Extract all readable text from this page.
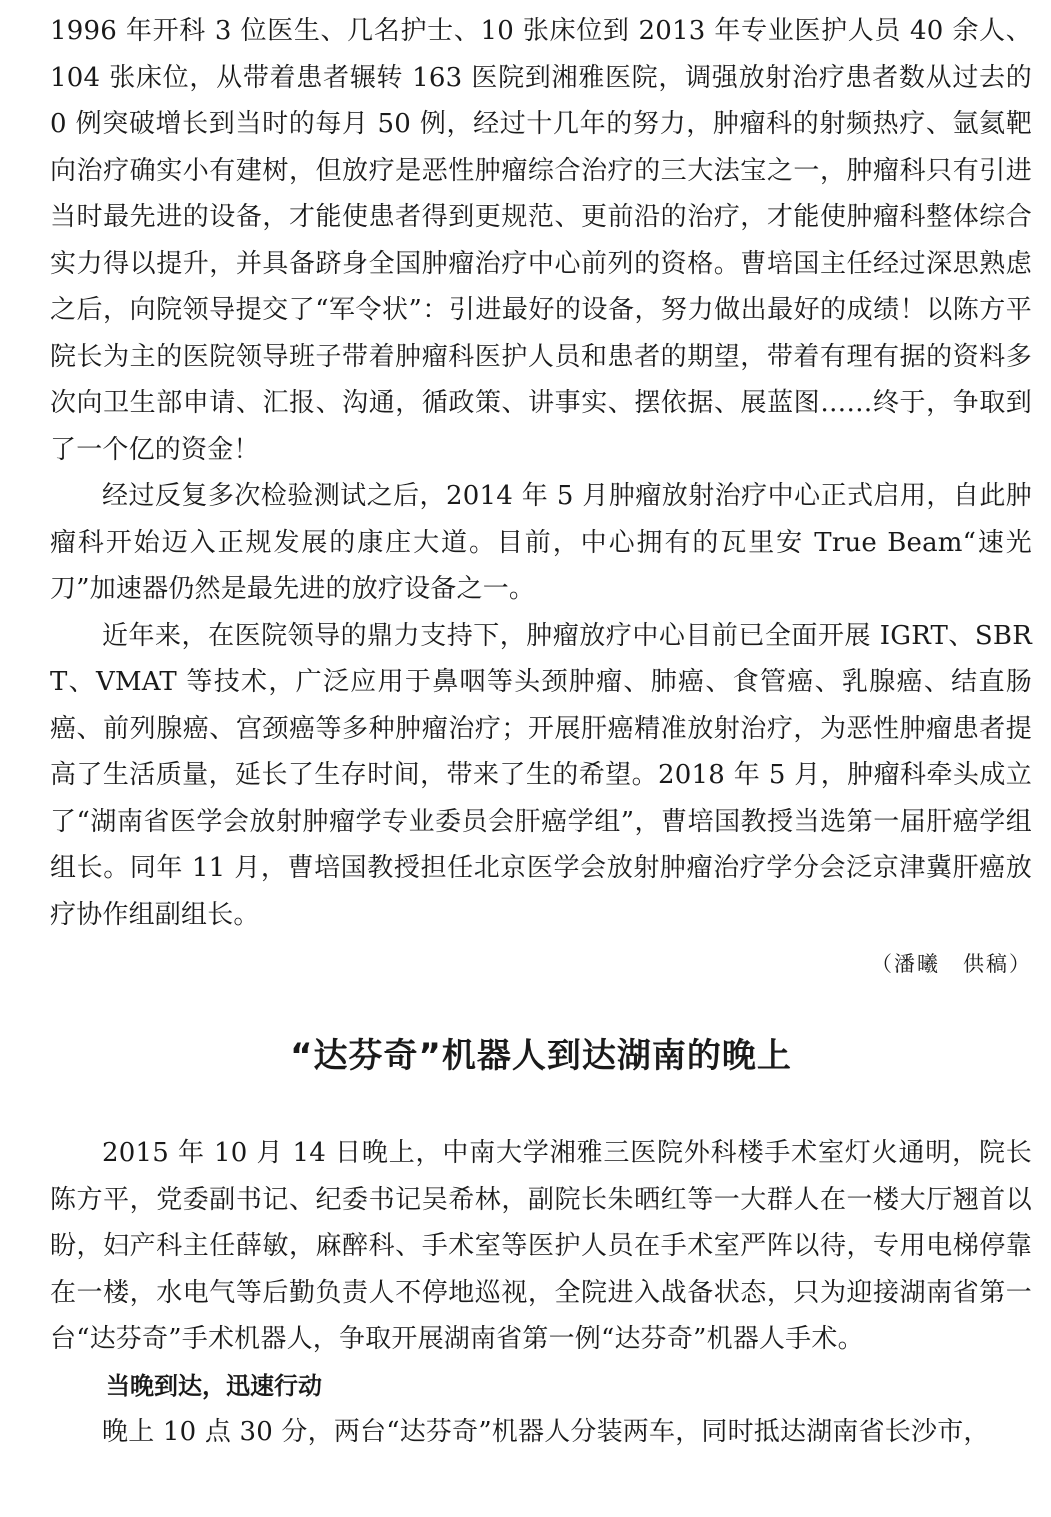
1996 年开科 3 位医生、几名护士、10 张床位到 2013 年专业医护人员 40 余人、104 张床位，从带着患者辗转 163 医院到湘雅医院，调强放射治疗患者数从过去的 0 例突破增长到当时的每月 50 例，经过十几年的努力，肿瘤科的射频热疗、氩氦靶向治疗确实小有建树，但放疗是恶性肿瘤综合治疗的三大法宝之一，肿瘤科只有引进当时最先进的设备，才能使患者得到更规范、更前沿的治疗，才能使肿瘤科整体综合实力得以提升，并具备跻身全国肿瘤治疗中心前列的资格。曹培国主任经过深思熟虑之后，向院领导提交了“军令状”：引进最好的设备，努力做出最好的成绩！以陈方平院长为主的医院领导班子带着肿瘤科医护人员和患者的期望，带着有理有据的资料多次向卫生部申请、汇报、沟通，循政策、讲事实、摆依据、展蓝图……终于，争取到了一个亿的资金！

经过反复多次检验测试之后，2014 年 5 月肿瘤放射治疗中心正式启用，自此肿瘤科开始迈入正规发展的康庄大道。目前，中心拥有的瓦里安 True Beam“速光刀”加速器仍然是最先进的放疗设备之一。

近年来，在医院领导的鼎力支持下，肿瘤放疗中心目前已全面开展 IGRT、SBRT、VMAT 等技术，广泛应用于鼻咽等头颈肿瘤、肺癌、食管癌、乳腺癌、结直肠癌、前列腺癌、宫颈癌等多种肿瘤治疗；开展肝癌精准放射治疗，为恶性肿瘤患者提高了生活质量，延长了生存时间，带来了生的希望。2018 年 5 月，肿瘤科牵头成立了“湖南省医学会放射肿瘤学专业委员会肝癌学组”，曹培国教授当选第一届肝癌学组组长。同年 11 月，曹培国教授担任北京医学会放射肿瘤治疗学分会泛京津冀肝癌放疗协作组副组长。

（潘曦　供稿）

“达芬奇”机器人到达湖南的晚上

2015 年 10 月 14 日晚上，中南大学湘雅三医院外科楼手术室灯火通明，院长陈方平，党委副书记、纪委书记吴希林，副院长朱晒红等一大群人在一楼大厅翘首以盼，妇产科主任薛敏，麻醉科、手术室等医护人员在手术室严阵以待，专用电梯停靠在一楼，水电气等后勤负责人不停地巡视，全院进入战备状态，只为迎接湖南省第一台“达芬奇”手术机器人，争取开展湖南省第一例“达芬奇”机器人手术。

当晚到达，迅速行动

晚上 10 点 30 分，两台“达芬奇”机器人分装两车，同时抵达湖南省长沙市，
